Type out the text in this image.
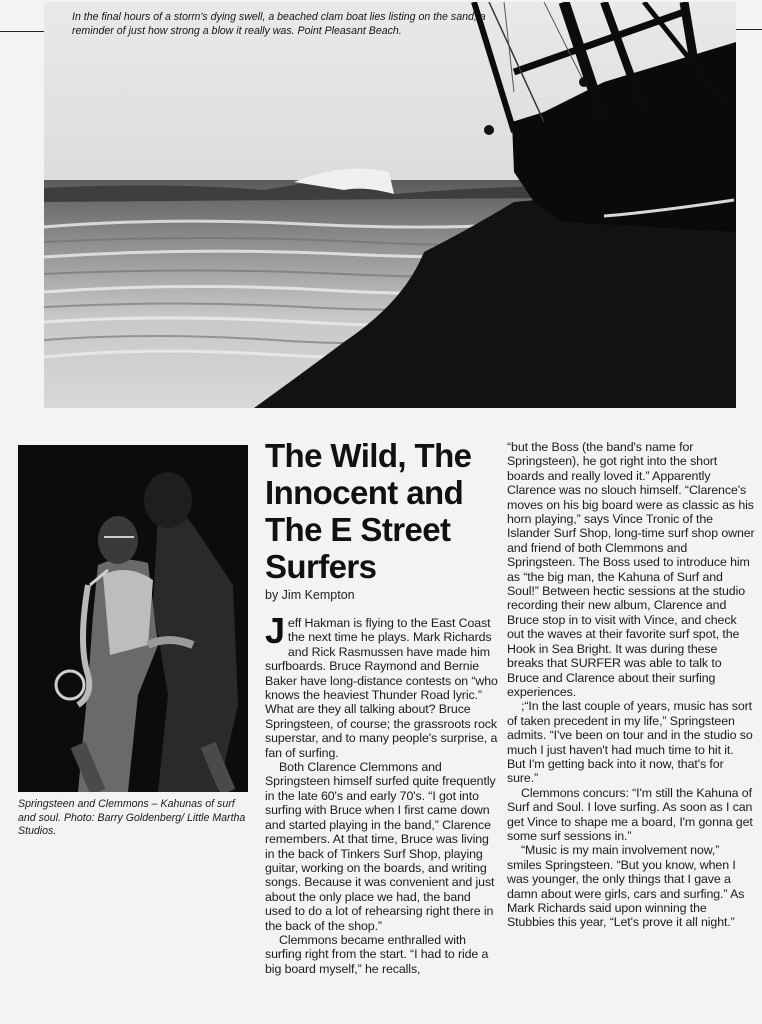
In the final hours of a storm's dying swell, a beached clam boat lies listing on the sand, a reminder of just how strong a blow it really was. Point Pleasant Beach.
Springsteen and Clemmons – Kahunas of surf and soul. Photo: Barry Goldenberg/ Little Martha Studios.
The Wild, The
Innocent and
The E Street
Surfers
by Jim Kempton

Jeff Hakman is flying to the East Coast the next time he plays. Mark Richards and Rick Rasmussen have made him surfboards. Bruce Raymond and Bernie Baker have long-distance contests on “who knows the heaviest Thunder Road lyric.” What are they all talking about? Bruce Springsteen, of course; the grassroots rock superstar, and to many people's surprise, a fan of surfing.

Both Clarence Clemmons and Springsteen himself surfed quite frequently in the late 60's and early 70's. “I got into surfing with Bruce when I first came down and started playing in the band,” Clarence remembers. At that time, Bruce was living in the back of Tinkers Surf Shop, playing guitar, working on the boards, and writing songs. Because it was convenient and just about the only place we had, the band used to do a lot of rehearsing right there in the back of the shop.”

Clemmons became enthralled with surfing right from the start. “I had to ride a big board myself,” he recalls,

“but the Boss (the band's name for Springsteen), he got right into the short boards and really loved it.” Apparently Clarence was no slouch himself. “Clarence's moves on his big board were as classic as his horn playing,” says Vince Tronic of the Islander Surf Shop, long-time surf shop owner and friend of both Clemmons and Springsteen. The Boss used to introduce him as “the big man, the Kahuna of Surf and Soul!” Between hectic sessions at the studio recording their new album, Clarence and Bruce stop in to visit with Vince, and check out the waves at their favorite surf spot, the Hook in Sea Bright. It was during these breaks that SURFER was able to talk to Bruce and Clarence about their surfing experiences.

;“In the last couple of years, music has sort of taken precedent in my life,” Springsteen admits. “I've been on tour and in the studio so much I just haven't had much time to hit it. But I'm getting back into it now, that's for sure.”

Clemmons concurs: “I'm still the Kahuna of Surf and Soul. I love surfing. As soon as I can get Vince to shape me a board, I'm gonna get some surf sessions in.”

“Music is my main involvement now,” smiles Springsteen. “But you know, when I was younger, the only things that I gave a damn about were girls, cars and surfing.” As Mark Richards said upon winning the Stubbies this year, “Let's prove it all night.”
